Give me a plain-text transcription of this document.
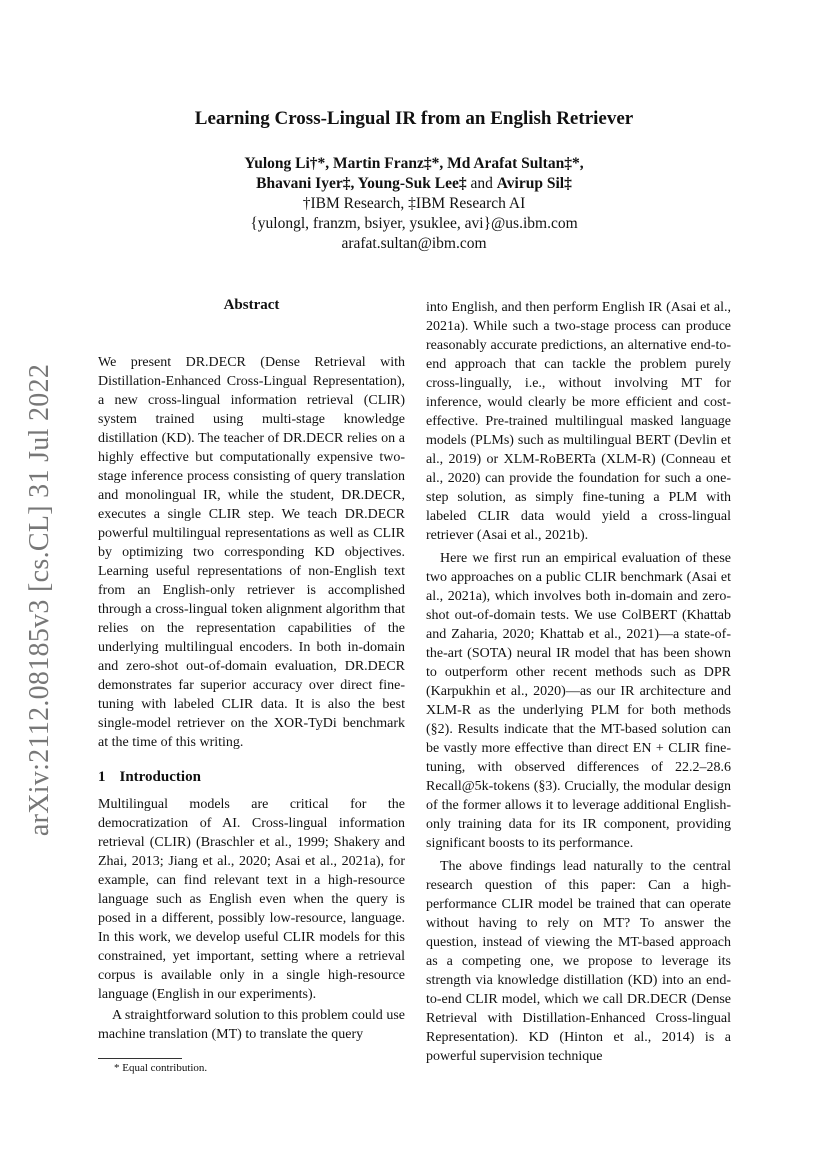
arXiv:2112.08185v3 [cs.CL] 31 Jul 2022
Learning Cross-Lingual IR from an English Retriever
Yulong Li†*, Martin Franz‡*, Md Arafat Sultan‡*,
Bhavani Iyer‡, Young-Suk Lee‡ and Avirup Sil‡
†IBM Research, ‡IBM Research AI
{yulongl, franzm, bsiyer, ysuklee, avi}@us.ibm.com
arafat.sultan@ibm.com
Abstract

We present DR.DECR (Dense Retrieval with Distillation-Enhanced Cross-Lingual Representation), a new cross-lingual information retrieval (CLIR) system trained using multi-stage knowledge distillation (KD). The teacher of DR.DECR relies on a highly effective but computationally expensive two-stage inference process consisting of query translation and monolingual IR, while the student, DR.DECR, executes a single CLIR step. We teach DR.DECR powerful multilingual representations as well as CLIR by optimizing two corresponding KD objectives. Learning useful representations of non-English text from an English-only retriever is accomplished through a cross-lingual token alignment algorithm that relies on the representation capabilities of the underlying multilingual encoders. In both in-domain and zero-shot out-of-domain evaluation, DR.DECR demonstrates far superior accuracy over direct fine-tuning with labeled CLIR data. It is also the best single-model retriever on the XOR-TyDi benchmark at the time of this writing.

1 Introduction

Multilingual models are critical for the democratization of AI. Cross-lingual information retrieval (CLIR) (Braschler et al., 1999; Shakery and Zhai, 2013; Jiang et al., 2020; Asai et al., 2021a), for example, can find relevant text in a high-resource language such as English even when the query is posed in a different, possibly low-resource, language. In this work, we develop useful CLIR models for this constrained, yet important, setting where a retrieval corpus is available only in a single high-resource language (English in our experiments).

A straightforward solution to this problem could use machine translation (MT) to translate the query

into English, and then perform English IR (Asai et al., 2021a). While such a two-stage process can produce reasonably accurate predictions, an alternative end-to-end approach that can tackle the problem purely cross-lingually, i.e., without involving MT for inference, would clearly be more efficient and cost-effective. Pre-trained multilingual masked language models (PLMs) such as multilingual BERT (Devlin et al., 2019) or XLM-RoBERTa (XLM-R) (Conneau et al., 2020) can provide the foundation for such a one-step solution, as simply fine-tuning a PLM with labeled CLIR data would yield a cross-lingual retriever (Asai et al., 2021b).

Here we first run an empirical evaluation of these two approaches on a public CLIR benchmark (Asai et al., 2021a), which involves both in-domain and zero-shot out-of-domain tests. We use ColBERT (Khattab and Zaharia, 2020; Khattab et al., 2021)—a state-of-the-art (SOTA) neural IR model that has been shown to outperform other recent methods such as DPR (Karpukhin et al., 2020)—as our IR architecture and XLM-R as the underlying PLM for both methods (§2). Results indicate that the MT-based solution can be vastly more effective than direct EN + CLIR fine-tuning, with observed differences of 22.2–28.6 Recall@5k-tokens (§3). Crucially, the modular design of the former allows it to leverage additional English-only training data for its IR component, providing significant boosts to its performance.

The above findings lead naturally to the central research question of this paper: Can a high-performance CLIR model be trained that can operate without having to rely on MT? To answer the question, instead of viewing the MT-based approach as a competing one, we propose to leverage its strength via knowledge distillation (KD) into an end-to-end CLIR model, which we call DR.DECR (Dense Retrieval with Distillation-Enhanced Cross-lingual Representation). KD (Hinton et al., 2014) is a powerful supervision technique

* Equal contribution.
